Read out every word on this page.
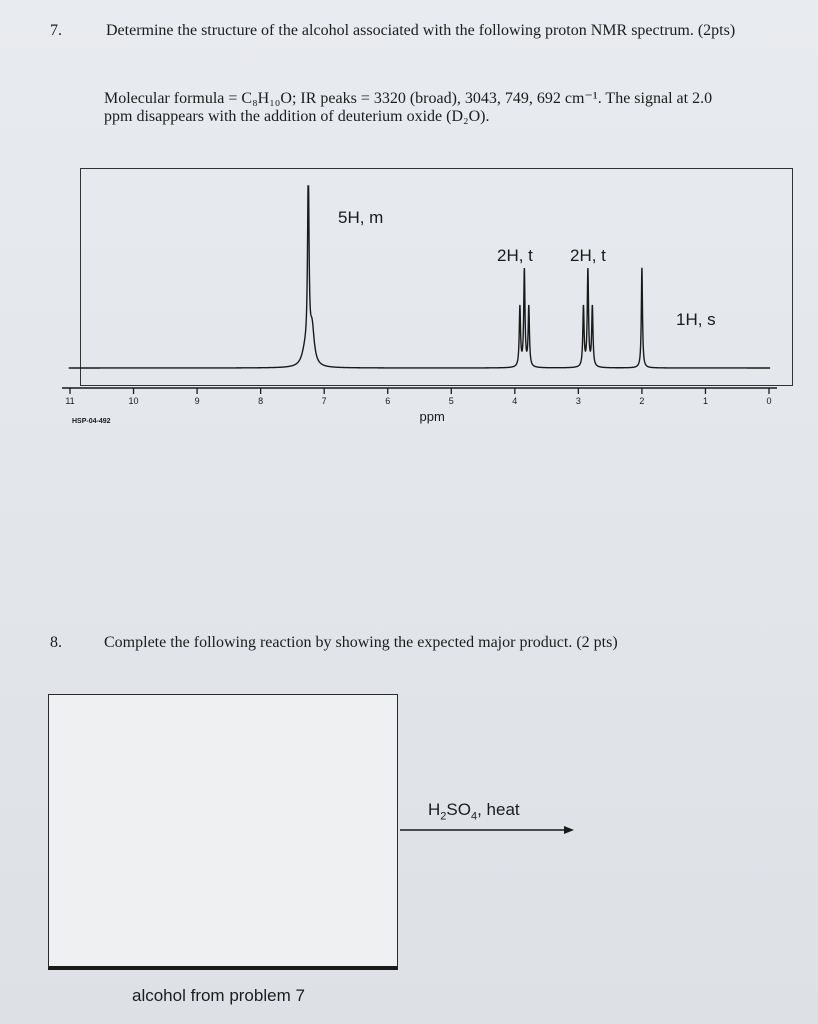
7.	Determine the structure of the alcohol associated with the following proton NMR spectrum. (2pts)
Molecular formula = C₈H₁₀O; IR peaks = 3320 (broad), 3043, 749, 692 cm⁻¹. The signal at 2.0
ppm disappears with the addition of deuterium oxide (D₂O).
11	10	9	8	7	6	5	4	3	2	1	0
ppm
HSP-04-492
5H, m
2H, t 2H, t
1H, s
8.	Complete the following reaction by showing the expected major product. (2 pts)
$H_2SO_4$, heat
alcohol from problem 7
